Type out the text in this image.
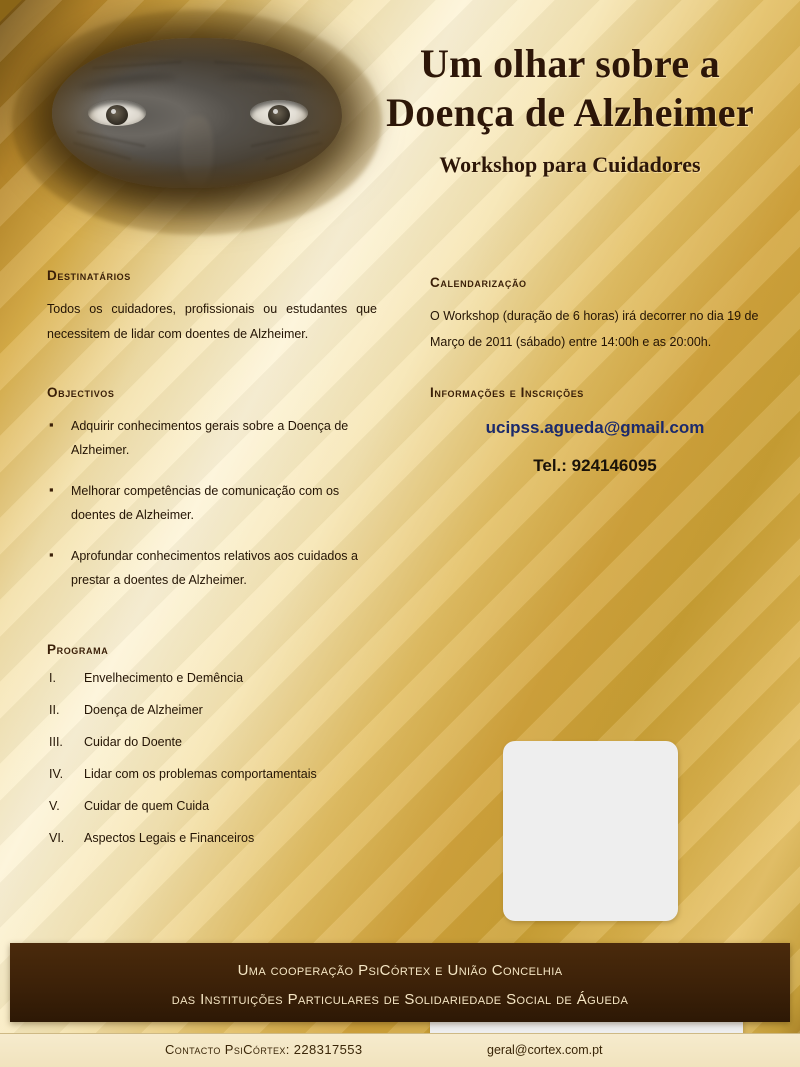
Um olhar sobre a
Doença de Alzheimer
Workshop para Cuidadores
Destinatários
Todos os cuidadores, profissionais ou estudantes que necessitem de lidar com doentes de Alzheimer.
Objectivos
▪ Adquirir conhecimentos gerais sobre a Doença de Alzheimer.
▪ Melhorar competências de comunicação com os doentes de Alzheimer.
▪ Aprofundar conhecimentos relativos aos cuidados a prestar a doentes de Alzheimer.
Programa
I.	Envelhecimento e Demência
II.	Doença de Alzheimer
III.	Cuidar do Doente
IV.	Lidar com os problemas comportamentais
V.	Cuidar de quem Cuida
VI.	Aspectos Legais e Financeiros
Calendarização
O Workshop (duração de 6 horas) irá decorrer no dia 19 de Março de 2011 (sábado) entre 14:00h e as 20:00h.
Informações e Inscrições
ucipss.agueda@gmail.com
Tel.: 924146095
Uma cooperação PsiCórtex e União Concelhia
das Instituições Particulares de Solidariedade Social de Águeda
Contacto PsiCórtex: 228317553	geral@cortex.com.pt
